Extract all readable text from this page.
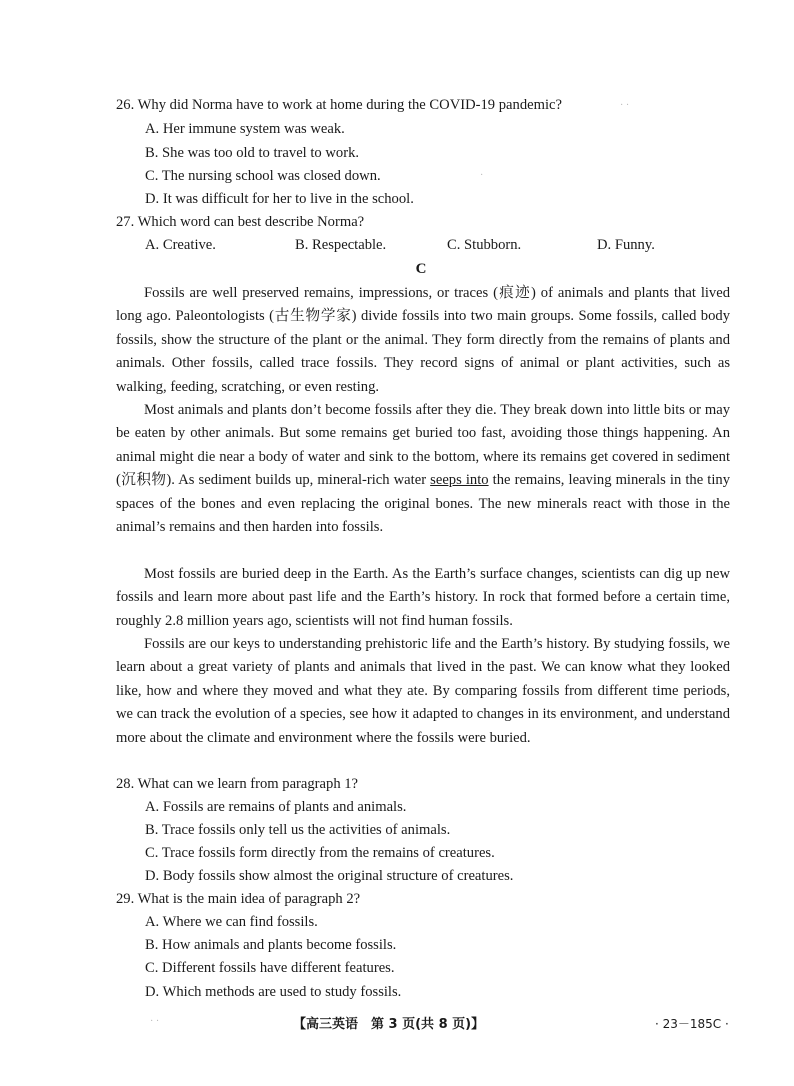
26. Why did Norma have to work at home during the COVID-19 pandemic?
A. Her immune system was weak.
B. She was too old to travel to work.
C. The nursing school was closed down.
D. It was difficult for her to live in the school.
27. Which word can best describe Norma?
A. Creative.	B. Respectable.	C. Stubborn.	D. Funny.
C

Fossils are well preserved remains, impressions, or traces (痕迹) of animals and plants that lived long ago. Paleontologists (古生物学家) divide fossils into two main groups. Some fossils, called body fossils, show the structure of the plant or the animal. They form directly from the remains of plants and animals. Other fossils, called trace fossils. They record signs of animal or plant activities, such as walking, feeding, scratching, or even resting.

Most animals and plants don’t become fossils after they die. They break down into little bits or may be eaten by other animals. But some remains get buried too fast, avoiding those things happening. An animal might die near a body of water and sink to the bottom, where its remains get covered in sediment (沉积物). As sediment builds up, mineral-rich water seeps into the remains, leaving minerals in the tiny spaces of the bones and even replacing the original bones. The new minerals react with those in the animal’s remains and then harden into fossils.

Most fossils are buried deep in the Earth. As the Earth’s surface changes, scientists can dig up new fossils and learn more about past life and the Earth’s history. In rock that formed before a certain time, roughly 2.8 million years ago, scientists will not find human fossils.

Fossils are our keys to understanding prehistoric life and the Earth’s history. By studying fossils, we learn about a great variety of plants and animals that lived in the past. We can know what they looked like, how and where they moved and what they ate. By comparing fossils from different time periods, we can track the evolution of a species, see how it adapted to changes in its environment, and understand more about the climate and environment where the fossils were buried.

28. What can we learn from paragraph 1?
A. Fossils are remains of plants and animals.
B. Trace fossils only tell us the activities of animals.
C. Trace fossils form directly from the remains of creatures.
D. Body fossils show almost the original structure of creatures.
29. What is the main idea of paragraph 2?
A. Where we can find fossils.
B. How animals and plants become fossils.
C. Different fossils have different features.
D. Which methods are used to study fossils.
【高三英语　第 3 页(共 8 页)】	· 23－185C ·
· ·
·
· ·
